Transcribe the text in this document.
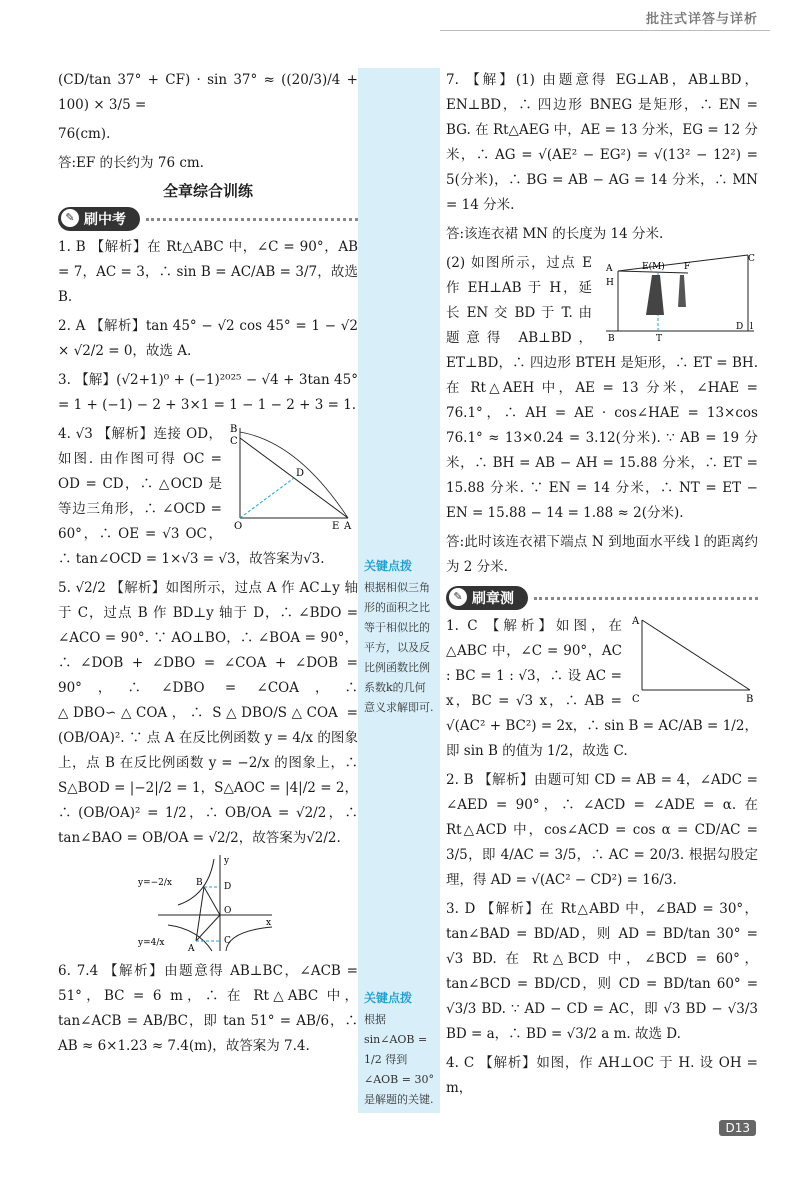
批注式详答与详析

(CD/tan 37° + CF) · sin 37° ≈ ((20/3)/4 + 100) × 3/5 =

76(cm).

答:EF 的长约为 76 cm.

全章综合训练
✎ 刷中考

1. B 【解析】在 Rt△ABC 中，∠C = 90°，AB = 7，AC = 3，∴ sin B = AC/AB = 3/7，故选 B.

2. A 【解析】tan 45° − √2 cos 45° = 1 − √2 × √2/2 = 0，故选 A.

3. 【解】(√2+1)⁰ + (−1)²⁰²⁵ − √4 + 3tan 45° = 1 + (−1) − 2 + 3×1 = 1 − 1 − 2 + 3 = 1.

B
C
D
O	E A

4. √3 【解析】连接 OD，如图. 由作图可得 OC = OD = CD，∴ △OCD 是等边三角形，∴ ∠OCD = 60°，∴ OE = √3 OC，∴ tan∠OCD = 1×√3 = √3，故答案为√3.

5. √2/2 【解析】如图所示，过点 A 作 AC⊥y 轴于 C，过点 B 作 BD⊥y 轴于 D，∴ ∠BDO = ∠ACO = 90°. ∵ AO⊥BO，∴ ∠BOA = 90°，∴ ∠DOB + ∠DBO = ∠COA + ∠DOB = 90°，∴ ∠DBO = ∠COA，∴ △DBO∽△COA，∴ S△DBO/S△COA = (OB/OA)². ∵ 点 A 在反比例函数 y = 4/x 的图象上，点 B 在反比例函数 y = −2/x 的图象上，∴ S△BOD = |−2|/2 = 1，S△AOC = |4|/2 = 2，∴ (OB/OA)² = 1/2，∴ OB/OA = √2/2，∴ tan∠BAO = OB/OA = √2/2，故答案为√2/2.

y=−2/x
y=4/x
B D
O
C
A
x
y

6. 7.4 【解析】由题意得 AB⊥BC，∠ACB = 51°，BC = 6 m，∴ 在 Rt△ABC 中，tan∠ACB = AB/BC，即 tan 51° = AB/6，∴ AB ≈ 6×1.23 ≈ 7.4(m)，故答案为 7.4.

关键点拨
根据相似三角形的面积之比等于相似比的平方，以及反比例函数比例系数k的几何意义求解即可.
关键点拨
根据 sin∠AOB = 1/2 得到 ∠AOB = 30° 是解题的关键.

7. 【解】(1) 由题意得 EG⊥AB，AB⊥BD，EN⊥BD，∴ 四边形 BNEG 是矩形，∴ EN = BG. 在 Rt△AEG 中，AE = 13 分米，EG = 12 分米，∴ AG = √(AE² − EG²) = √(13² − 12²) = 5(分米)，∴ BG = AB − AG = 14 分米，∴ MN = 14 分米.

答:该连衣裙 MN 的长度为 14 分米.

A
H
E(M) F
C
B	T
D l

(2) 如图所示，过点 E 作 EH⊥AB 于 H，延长 EN 交 BD 于 T. 由题意得 AB⊥BD，ET⊥BD，∴ 四边形 BTEH 是矩形，∴ ET = BH. 在 Rt△AEH 中，AE = 13 分米，∠HAE = 76.1°，∴ AH = AE · cos∠HAE = 13×cos 76.1° ≈ 13×0.24 = 3.12(分米). ∵ AB = 19 分米，∴ BH = AB − AH = 15.88 分米，∴ ET = 15.88 分米. ∵ EN = 14 分米，∴ NT = ET − EN = 15.88 − 14 = 1.88 ≈ 2(分米).

答:此时该连衣裙下端点 N 到地面水平线 l 的距离约为 2 分米.

✎ 刷章测
A
C	B

1. C 【解析】如图，在 △ABC 中，∠C = 90°，AC : BC = 1 : √3，∴ 设 AC = x，BC = √3 x，∴ AB = √(AC² + BC²) = 2x，∴ sin B = AC/AB = 1/2，即 sin B 的值为 1/2，故选 C.

2. B 【解析】由题可知 CD = AB = 4，∠ADC = ∠AED = 90°，∴ ∠ACD = ∠ADE = α. 在 Rt△ACD 中，cos∠ACD = cos α = CD/AC = 3/5，即 4/AC = 3/5，∴ AC = 20/3. 根据勾股定理，得 AD = √(AC² − CD²) = 16/3.

3. D 【解析】在 Rt△ABD 中，∠BAD = 30°，tan∠BAD = BD/AD，则 AD = BD/tan 30° = √3 BD. 在 Rt△BCD 中，∠BCD = 60°，tan∠BCD = BD/CD，则 CD = BD/tan 60° = √3/3 BD. ∵ AD − CD = AC，即 √3 BD − √3/3 BD = a，∴ BD = √3/2 a m. 故选 D.

4. C 【解析】如图，作 AH⊥OC 于 H. 设 OH = m，

D13
